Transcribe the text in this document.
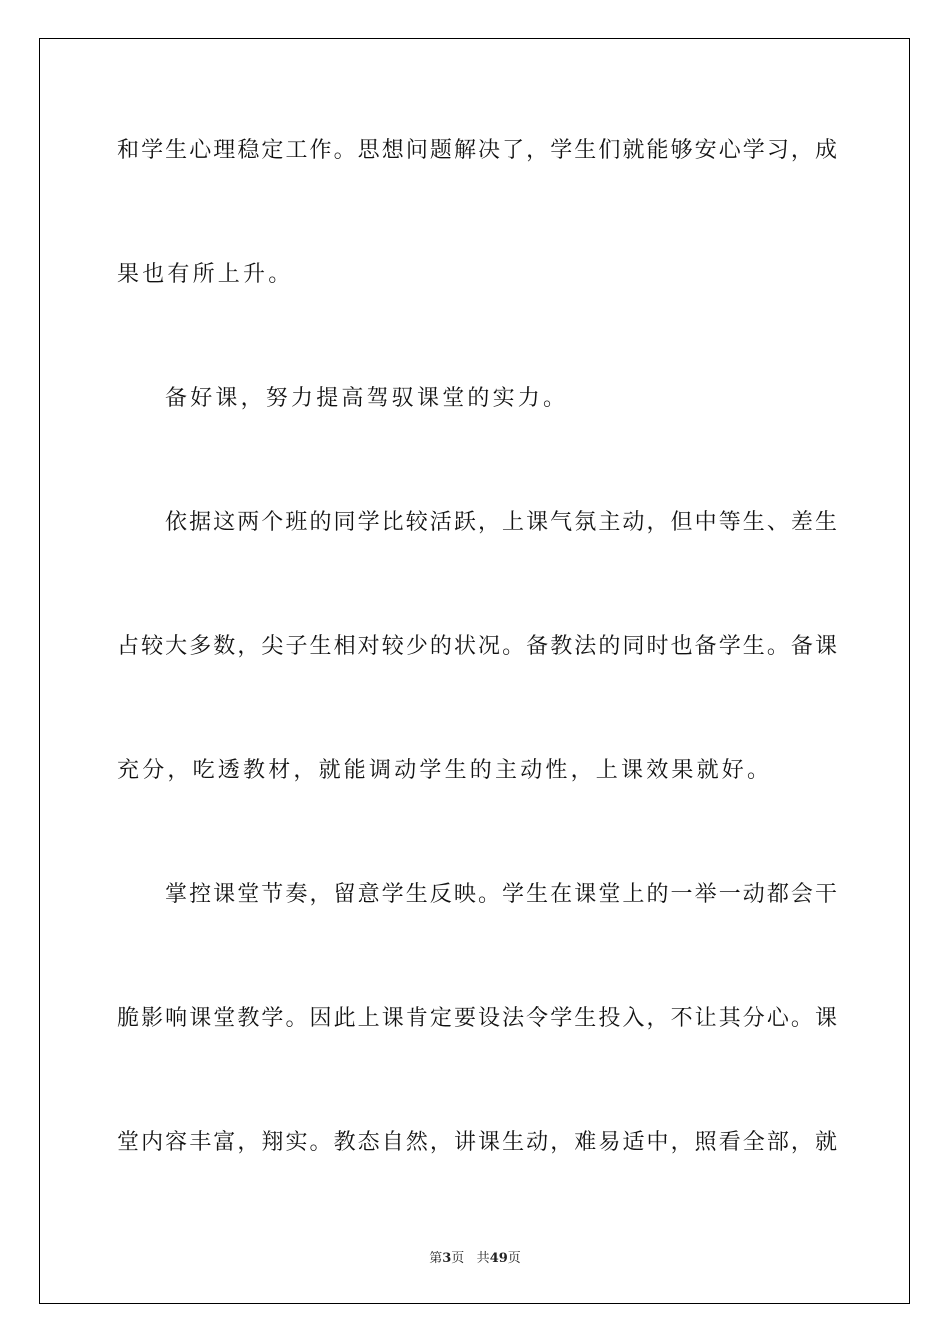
和学生心理稳定工作。思想问题解决了，学生们就能够安心学习，成
果也有所上升。
备好课，努力提高驾驭课堂的实力。
依据这两个班的同学比较活跃，上课气氛主动，但中等生、差生
占较大多数，尖子生相对较少的状况。备教法的同时也备学生。备课
充分，吃透教材，就能调动学生的主动性，上课效果就好。
掌控课堂节奏，留意学生反映。学生在课堂上的一举一动都会干
脆影响课堂教学。因此上课肯定要设法令学生投入，不让其分心。课
堂内容丰富，翔实。教态自然，讲课生动，难易适中，照看全部，就
第3页 共49页
